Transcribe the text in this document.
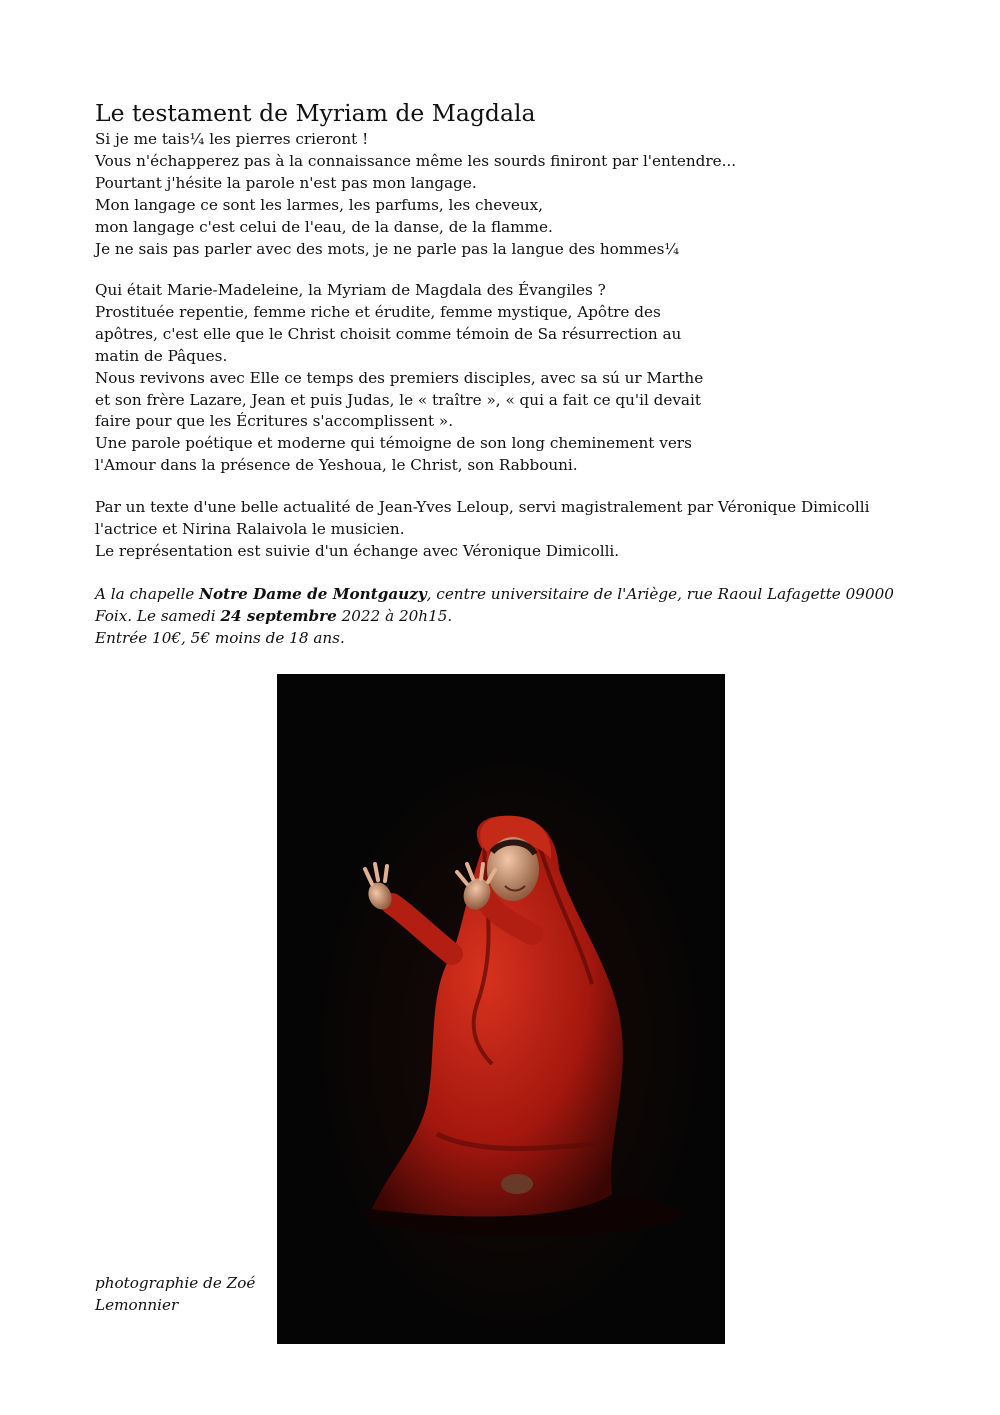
Le testament de Myriam de Magdala
Si je me tais¼ les pierres crieront !
Vous n'échapperez pas à la connaissance même les sourds finiront par l'entendre...
Pourtant j'hésite la parole n'est pas mon langage.
Mon langage ce sont les larmes, les parfums, les cheveux,
mon langage c'est celui de l'eau, de la danse, de la flamme.
Je ne sais pas parler avec des mots, je ne parle pas la langue des hommes¼
Qui était Marie-Madeleine, la Myriam de Magdala des Évangiles ?
Prostituée repentie, femme riche et érudite, femme mystique, Apôtre des
apôtres, c'est elle que le Christ choisit comme témoin de Sa résurrection au
matin de Pâques.
Nous revivons avec Elle ce temps des premiers disciples, avec sa sú ur Marthe
et son frère Lazare, Jean et puis Judas, le « traître », « qui a fait ce qu'il devait
faire pour que les Écritures s'accomplissent ».
Une parole poétique et moderne qui témoigne de son long cheminement vers
l'Amour dans la présence de Yeshoua, le Christ, son Rabbouni.
Par un texte d'une belle actualité de Jean-Yves Leloup, servi magistralement par Véronique Dimicolli
l'actrice et Nirina Ralaivola le musicien.
Le représentation est suivie d'un échange avec Véronique Dimicolli.
A la chapelle Notre Dame de Montgauzy, centre universitaire de l'Ariège, rue Raoul Lafagette 09000
Foix. Le samedi 24 septembre 2022 à 20h15.
Entrée 10€, 5€ moins de 18 ans.
photographie de Zoé
Lemonnier
